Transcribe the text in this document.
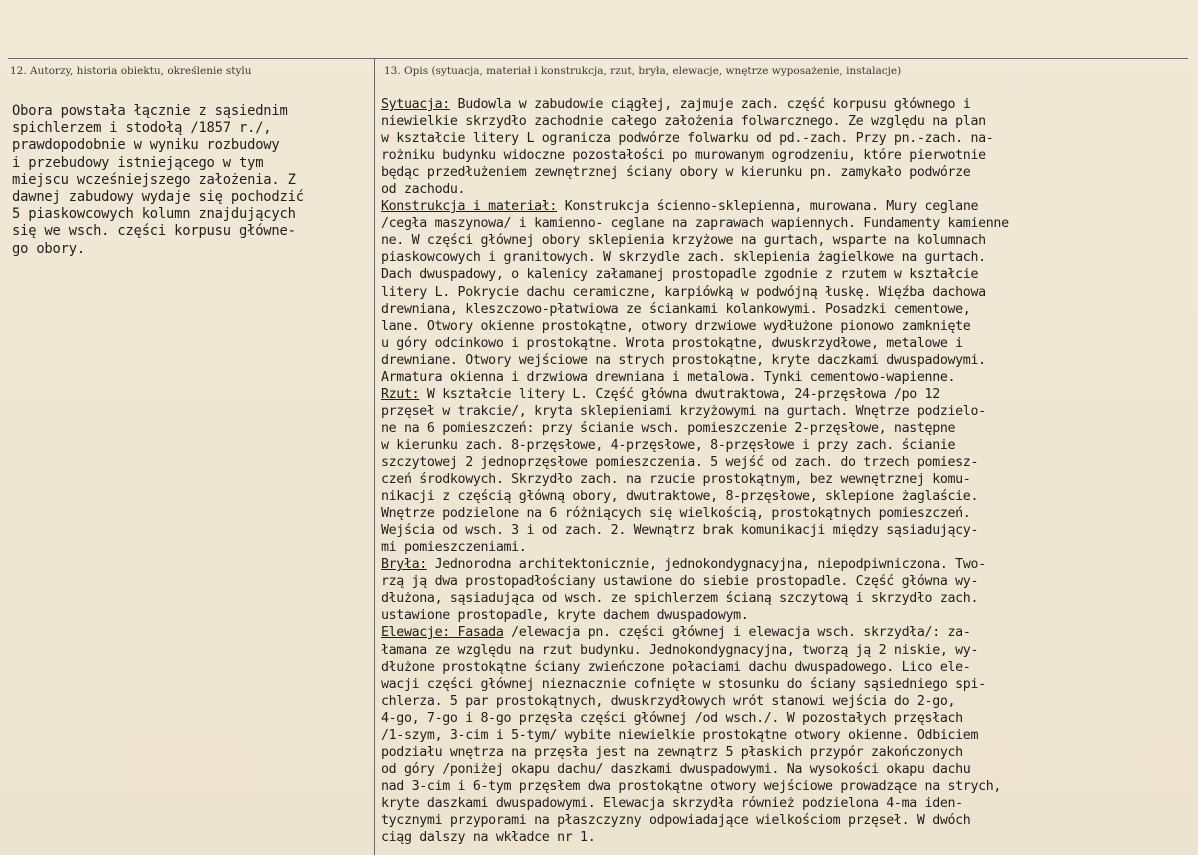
12. Autorzy, historia obiektu, określenie stylu	13. Opis (sytuacja, materiał i konstrukcja, rzut, bryła, elewacje, wnętrze wyposażenie, instalacje)
Obora powstała łącznie z sąsiednim
spichlerzem i stodołą /1857 r./,
prawdopodobnie w wyniku rozbudowy
i przebudowy istniejącego w tym
miejscu wcześniejszego założenia. Z
dawnej zabudowy wydaje się pochodzić
5 piaskowcowych kolumn znajdujących
się we wsch. części korpusu główne-
go obory.
Sytuacja: Budowla w zabudowie ciągłej, zajmuje zach. część korpusu głównego i
niewielkie skrzydło zachodnie całego założenia folwarcznego. Ze względu na plan
w kształcie litery L ogranicza podwórze folwarku od pd.-zach. Przy pn.-zach. na-
rożniku budynku widoczne pozostałości po murowanym ogrodzeniu, które pierwotnie
będąc przedłużeniem zewnętrznej ściany obory w kierunku pn. zamykało podwórze
od zachodu.
Konstrukcja i materiał: Konstrukcja ścienno-sklepienna, murowana. Mury ceglane
/cegła maszynowa/ i kamienno- ceglane na zaprawach wapiennych. Fundamenty kamienne
ne. W części głównej obory sklepienia krzyżowe na gurtach, wsparte na kolumnach
piaskowcowych i granitowych. W skrzydle zach. sklepienia żagielkowe na gurtach.
Dach dwuspadowy, o kalenicy załamanej prostopadle zgodnie z rzutem w kształcie
litery L. Pokrycie dachu ceramiczne, karpiówką w podwójną łuskę. Więźba dachowa
drewniana, kleszczowo-płatwiowa ze ściankami kolankowymi. Posadzki cementowe,
lane. Otwory okienne prostokątne, otwory drzwiowe wydłużone pionowo zamknięte
u góry odcinkowo i prostokątne. Wrota prostokątne, dwuskrzydłowe, metalowe i
drewniane. Otwory wejściowe na strych prostokątne, kryte daczkami dwuspadowymi.
Armatura okienna i drzwiowa drewniana i metalowa. Tynki cementowo-wapienne.
Rzut: W kształcie litery L. Część główna dwutraktowa, 24-przęsłowa /po 12
przęseł w trakcie/, kryta sklepieniami krzyżowymi na gurtach. Wnętrze podzielo-
ne na 6 pomieszczeń: przy ścianie wsch. pomieszczenie 2-przęsłowe, następne
w kierunku zach. 8-przęsłowe, 4-przęsłowe, 8-przęsłowe i przy zach. ścianie
szczytowej 2 jednoprzęsłowe pomieszczenia. 5 wejść od zach. do trzech pomiesz-
czeń środkowych. Skrzydło zach. na rzucie prostokątnym, bez wewnętrznej komu-
nikacji z częścią główną obory, dwutraktowe, 8-przęsłowe, sklepione żaglaście.
Wnętrze podzielone na 6 różniących się wielkością, prostokątnych pomieszczeń.
Wejścia od wsch. 3 i od zach. 2. Wewnątrz brak komunikacji między sąsiadujący-
mi pomieszczeniami.
Bryła: Jednorodna architektonicznie, jednokondygnacyjna, niepodpiwniczona. Two-
rzą ją dwa prostopadłościany ustawione do siebie prostopadle. Część główna wy-
dłużona, sąsiadująca od wsch. ze spichlerzem ścianą szczytową i skrzydło zach.
ustawione prostopadle, kryte dachem dwuspadowym.
Elewacje: Fasada /elewacja pn. części głównej i elewacja wsch. skrzydła/: za-
łamana ze względu na rzut budynku. Jednokondygnacyjna, tworzą ją 2 niskie, wy-
dłużone prostokątne ściany zwieńczone połaciami dachu dwuspadowego. Lico ele-
wacji części głównej nieznacznie cofnięte w stosunku do ściany sąsiedniego spi-
chlerza. 5 par prostokątnych, dwuskrzydłowych wrót stanowi wejścia do 2-go,
4-go, 7-go i 8-go przęsła części głównej /od wsch./. W pozostałych przęsłach
/1-szym, 3-cim i 5-tym/ wybite niewielkie prostokątne otwory okienne. Odbiciem
podziału wnętrza na przęsła jest na zewnątrz 5 płaskich przypór zakończonych
od góry /poniżej okapu dachu/ daszkami dwuspadowymi. Na wysokości okapu dachu
nad 3-cim i 6-tym przęsłem dwa prostokątne otwory wejściowe prowadzące na strych,
kryte daszkami dwuspadowymi. Elewacja skrzydła również podzielona 4-ma iden-
tycznymi przyporami na płaszczyzny odpowiadające wielkościom przęseł. W dwóch
ciąg dalszy na wkładce nr 1.
